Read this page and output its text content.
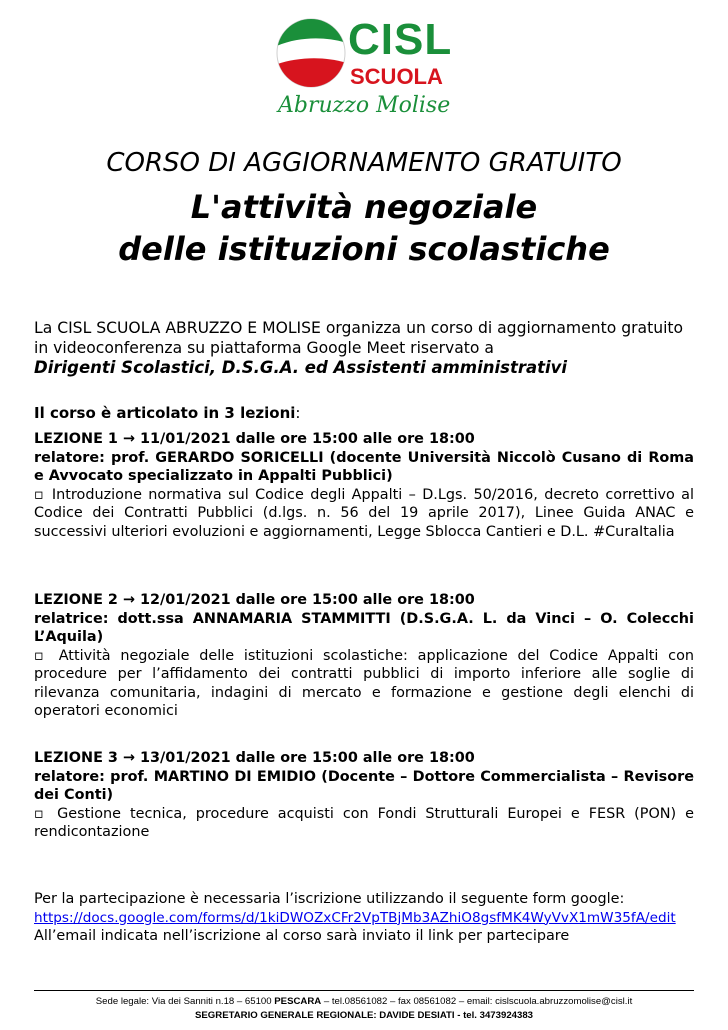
CISL
SCUOLA
Abruzzo Molise
CORSO DI AGGIORNAMENTO GRATUITO
L'attività negoziale
delle istituzioni scolastiche
La CISL SCUOLA ABRUZZO E MOLISE organizza un corso di aggiornamento gratuito in videoconferenza su piattaforma Google Meet riservato a
Dirigenti Scolastici, D.S.G.A. ed Assistenti amministrativi
Il corso è articolato in 3 lezioni:
LEZIONE 1 → 11/01/2021 dalle ore 15:00 alle ore 18:00
relatore: prof. GERARDO SORICELLI (docente Università Niccolò Cusano di Roma e Avvocato specializzato in Appalti Pubblici)
▫ Introduzione normativa sul Codice degli Appalti – D.Lgs. 50/2016, decreto correttivo al Codice dei Contratti Pubblici (d.lgs. n. 56 del 19 aprile 2017), Linee Guida ANAC e successivi ulteriori evoluzioni e aggiornamenti, Legge Sblocca Cantieri e D.L. #CuraItalia
LEZIONE 2 → 12/01/2021 dalle ore 15:00 alle ore 18:00
relatrice: dott.ssa ANNAMARIA STAMMITTI (D.S.G.A. L. da Vinci – O. Colecchi L’Aquila)
▫ Attività negoziale delle istituzioni scolastiche: applicazione del Codice Appalti con procedure per l’affidamento dei contratti pubblici di importo inferiore alle soglie di rilevanza comunitaria, indagini di mercato e formazione e gestione degli elenchi di operatori economici
LEZIONE 3 → 13/01/2021 dalle ore 15:00 alle ore 18:00
relatore: prof. MARTINO DI EMIDIO (Docente – Dottore Commercialista – Revisore dei Conti)
▫ Gestione tecnica, procedure acquisti con Fondi Strutturali Europei e FESR (PON) e rendicontazione
Per la partecipazione è necessaria l’iscrizione utilizzando il seguente form google:
https://docs.google.com/forms/d/1kiDWOZxCFr2VpTBjMb3AZhiO8gsfMK4WyVvX1mW35fA/edit
All’email indicata nell’iscrizione al corso sarà inviato il link per partecipare
Sede legale: Via dei Sanniti n.18 – 65100 PESCARA – tel.08561082 – fax 08561082 – email: cislscuola.abruzzomolise@cisl.it
SEGRETARIO GENERALE REGIONALE: DAVIDE DESIATI - tel. 3473924383
